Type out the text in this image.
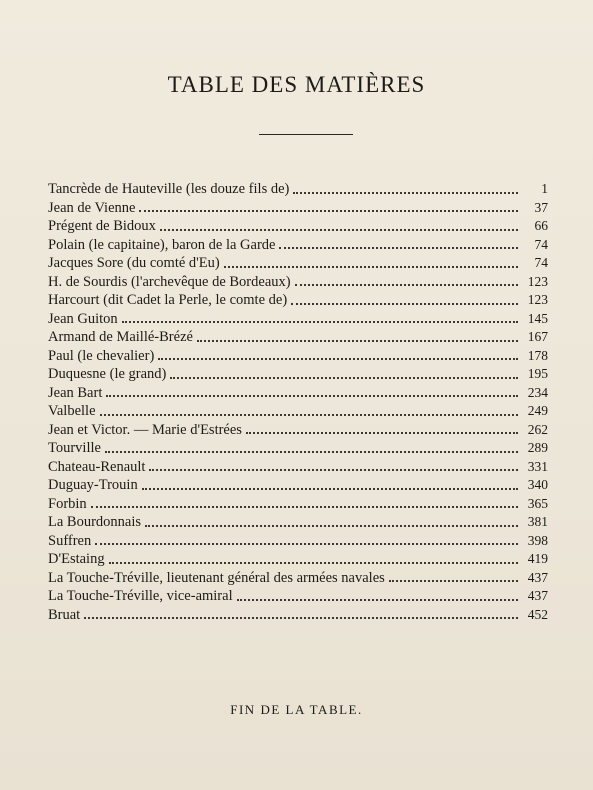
TABLE DES MATIÈRES
Tancrède de Hauteville (les douze fils de)	1
Jean de Vienne	37
Prégent de Bidoux	66
Polain (le capitaine), baron de la Garde	74
Jacques Sore (du comté d'Eu)	74
H. de Sourdis (l'archevêque de Bordeaux)	123
Harcourt (dit Cadet la Perle, le comte de)	123
Jean Guiton	145
Armand de Maillé-Brézé	167
Paul (le chevalier)	178
Duquesne (le grand)	195
Jean Bart	234
Valbelle	249
Jean et Victor. — Marie d'Estrées	262
Tourville	289
Chateau-Renault	331
Duguay-Trouin	340
Forbin	365
La Bourdonnais	381
Suffren	398
D'Estaing	419
La Touche-Tréville, lieutenant général des armées navales	437
La Touche-Tréville, vice-amiral	437
Bruat	452
FIN DE LA TABLE.
